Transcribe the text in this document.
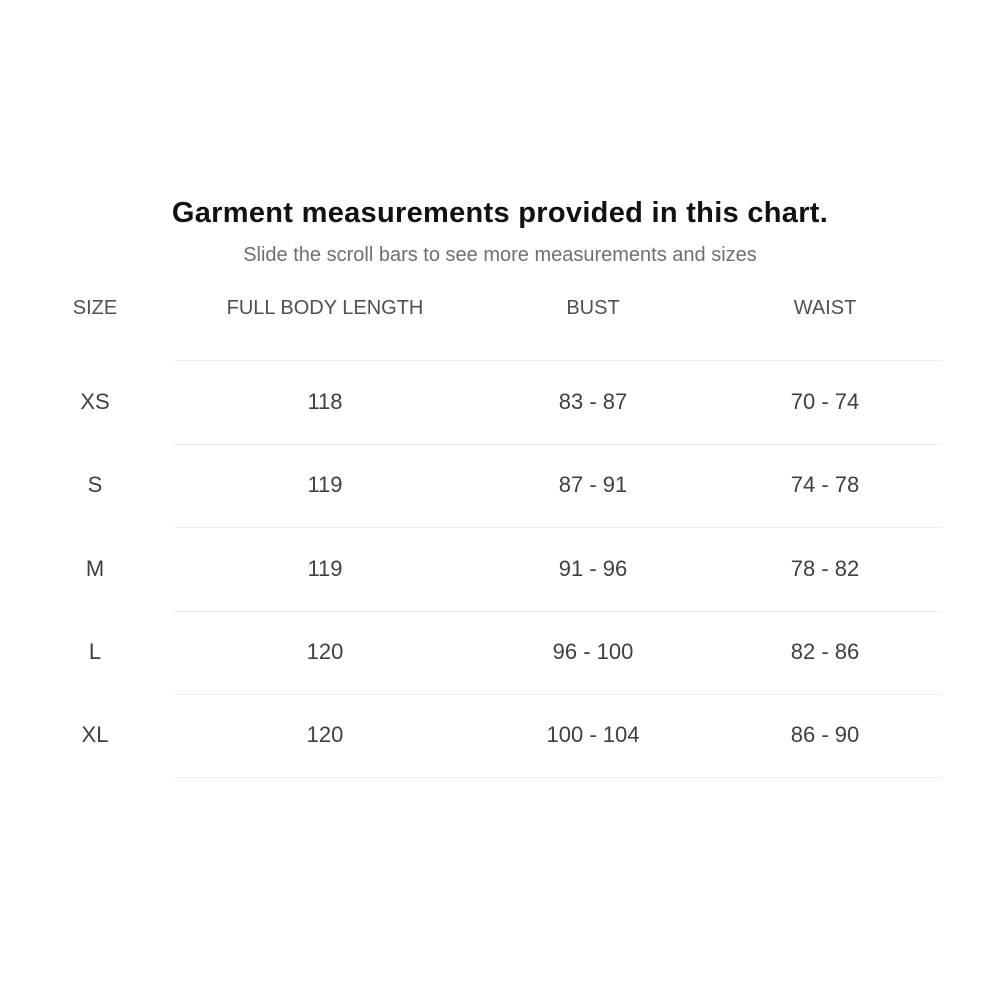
Garment measurements provided in this chart.

Slide the scroll bars to see more measurements and sizes

SIZE	FULL BODY LENGTH	BUST	WAIST
XS	118	83 - 87	70 - 74
S	119	87 - 91	74 - 78
M	119	91 - 96	78 - 82
L	120	96 - 100	82 - 86
XL	120	100 - 104	86 - 90
